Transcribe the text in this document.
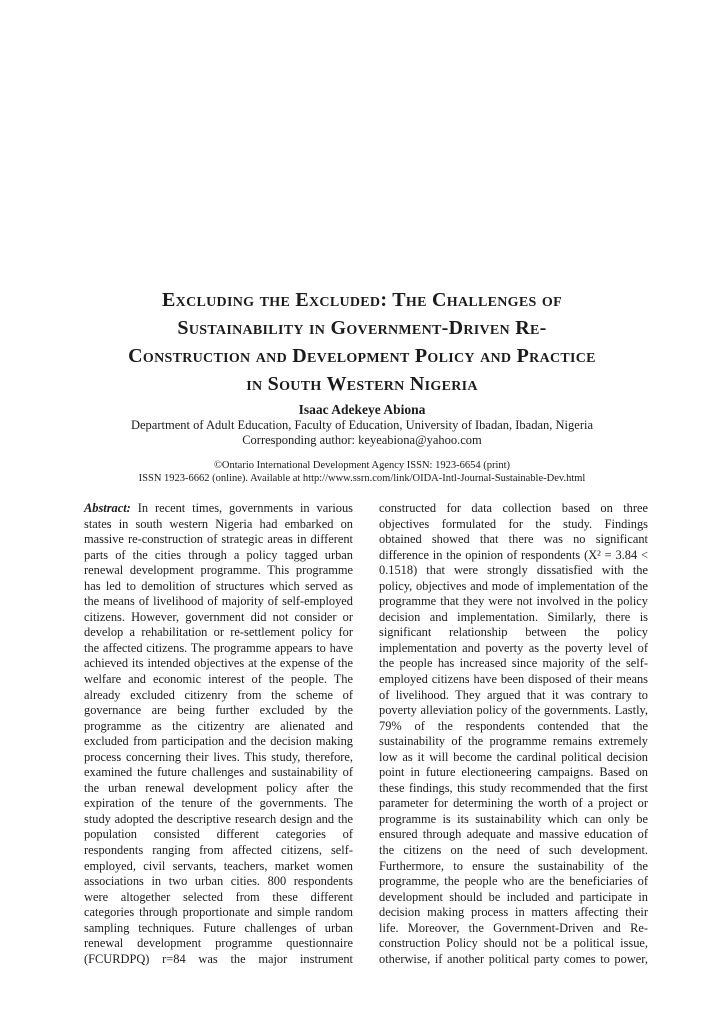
Excluding the Excluded: The Challenges of
Sustainability in Government-Driven Re-
Construction and Development Policy and Practice
in South Western Nigeria
Isaac Adekeye Abiona
Department of Adult Education, Faculty of Education, University of Ibadan, Ibadan, Nigeria
Corresponding author: keyeabiona@yahoo.com
©Ontario International Development Agency ISSN: 1923-6654 (print)
ISSN 1923-6662 (online). Available at http://www.ssrn.com/link/OIDA-Intl-Journal-Sustainable-Dev.html
Abstract: In recent times, governments in various states in south western Nigeria had embarked on massive re-construction of strategic areas in different parts of the cities through a policy tagged urban renewal development programme. This programme has led to demolition of structures which served as the means of livelihood of majority of self-employed citizens. However, government did not consider or develop a rehabilitation or re-settlement policy for the affected citizens. The programme appears to have achieved its intended objectives at the expense of the welfare and economic interest of the people. The already excluded citizenry from the scheme of governance are being further excluded by the programme as the citizentry are alienated and excluded from participation and the decision making process concerning their lives. This study, therefore, examined the future challenges and sustainability of the urban renewal development policy after the expiration of the tenure of the governments. The study adopted the descriptive research design and the population consisted different categories of respondents ranging from affected citizens, self-employed, civil servants, teachers, market women associations in two urban cities. 800 respondents were altogether selected from these different categories through proportionate and simple random sampling techniques. Future challenges of urban renewal development programme questionnaire (FCURDPQ) r=84 was the major instrument
constructed for data collection based on three objectives formulated for the study. Findings obtained showed that there was no significant difference in the opinion of respondents (X² = 3.84 < 0.1518) that were strongly dissatisfied with the policy, objectives and mode of implementation of the programme that they were not involved in the policy decision and implementation. Similarly, there is significant relationship between the policy implementation and poverty as the poverty level of the people has increased since majority of the self-employed citizens have been disposed of their means of livelihood. They argued that it was contrary to poverty alleviation policy of the governments. Lastly, 79% of the respondents contended that the sustainability of the programme remains extremely low as it will become the cardinal political decision point in future electioneering campaigns. Based on these findings, this study recommended that the first parameter for determining the worth of a project or programme is its sustainability which can only be ensured through adequate and massive education of the citizens on the need of such development. Furthermore, to ensure the sustainability of the programme, the people who are the beneficiaries of development should be included and participate in decision making process in matters affecting their life. Moreover, the Government-Driven and Re-construction Policy should not be a political issue, otherwise, if another political party comes to power,
